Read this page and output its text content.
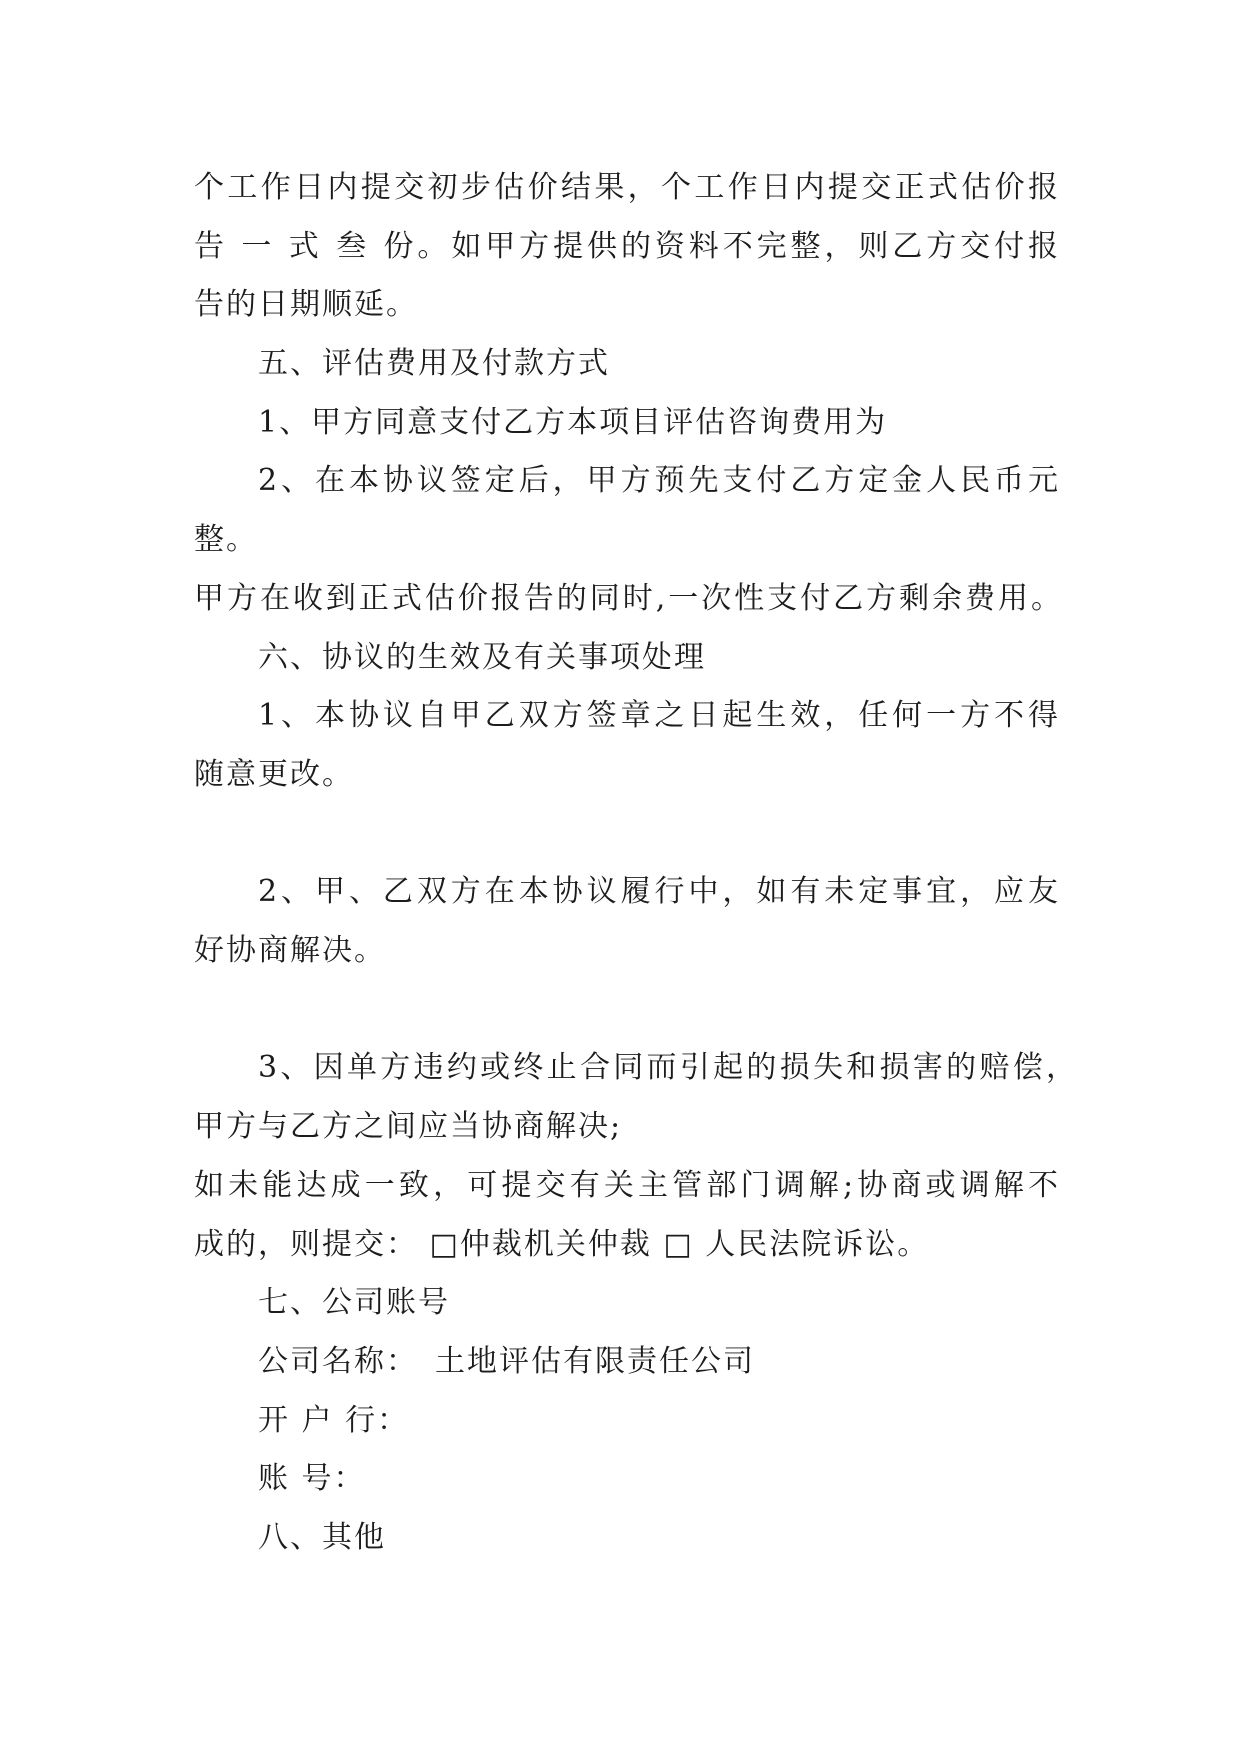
个工作日内提交初步估价结果，个工作日内提交正式估价报
告 一 式 叁 份。如甲方提供的资料不完整，则乙方交付报
告的日期顺延。
五、评估费用及付款方式
1、甲方同意支付乙方本项目评估咨询费用为
2、在本协议签定后，甲方预先支付乙方定金人民币元
整。
甲方在收到正式估价报告的同时,一次性支付乙方剩余费用。
六、协议的生效及有关事项处理
1、本协议自甲乙双方签章之日起生效，任何一方不得
随意更改。
2、甲、乙双方在本协议履行中，如有未定事宜，应友
好协商解决。
3、因单方违约或终止合同而引起的损失和损害的赔偿，
甲方与乙方之间应当协商解决;
如未能达成一致，可提交有关主管部门调解;协商或调解不
成的，则提交： □仲裁机关仲裁 □ 人民法院诉讼。
七、公司账号
公司名称：　土地评估有限责任公司
开 户 行：
账 号：
八、其他
